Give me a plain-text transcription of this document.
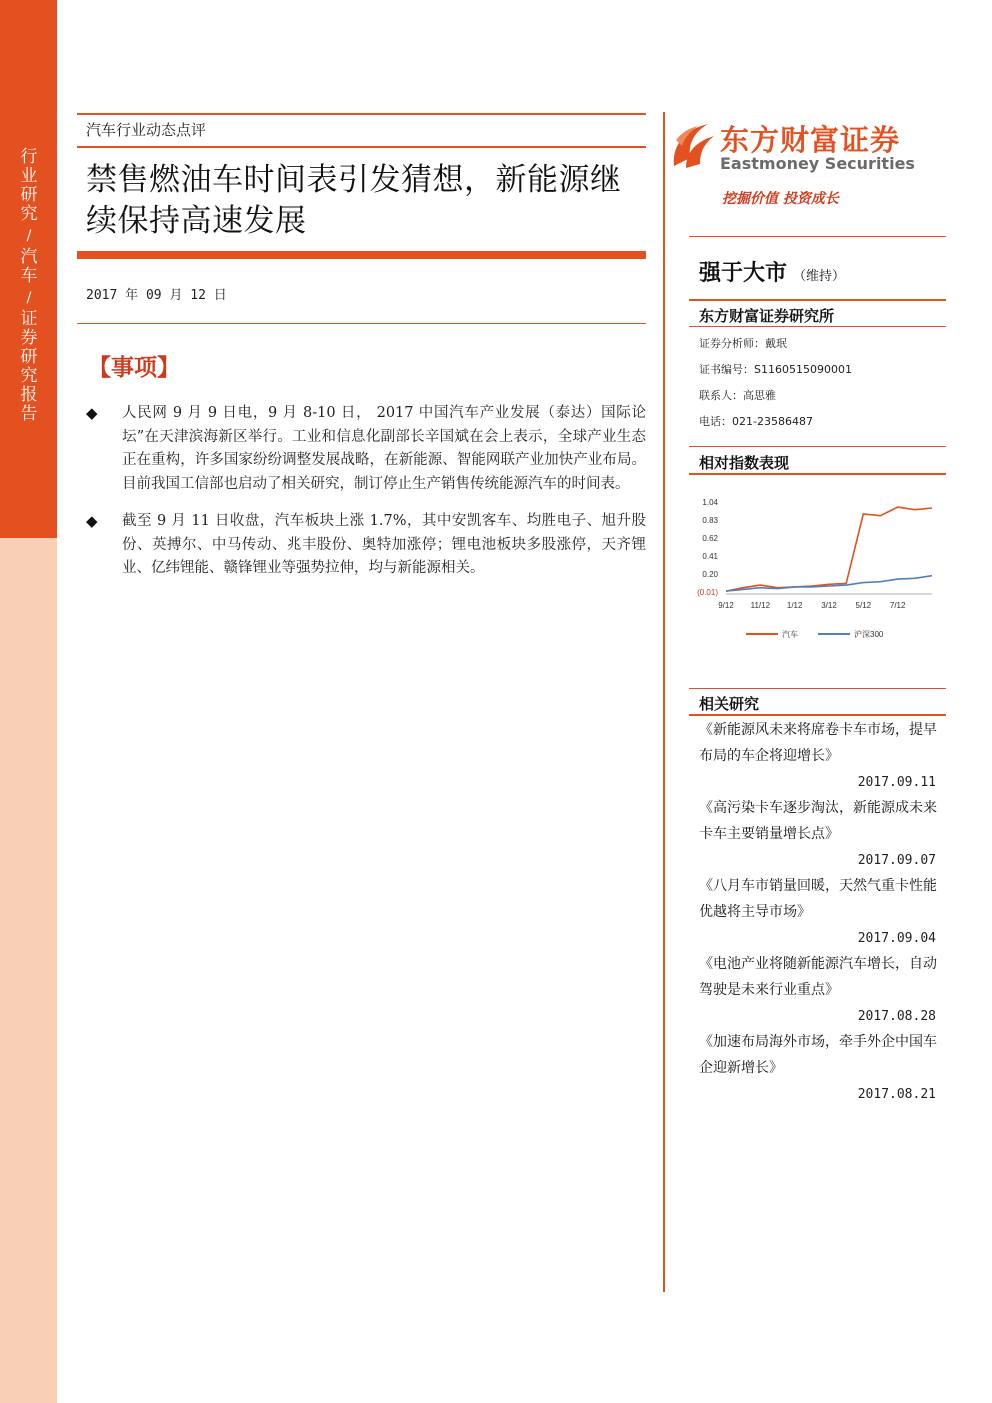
行业研究
/
汽车
/
证券研究报告
汽车行业动态点评
禁售燃油车时间表引发猜想，新能源继续保持高速发展
2017 年 09 月 12 日
【事项】
◆ 人民网 9 月 9 日电，9 月 8-10 日， 2017 中国汽车产业发展（泰达）国际论坛”在天津滨海新区举行。工业和信息化副部长辛国斌在会上表示，全球产业生态正在重构，许多国家纷纷调整发展战略，在新能源、智能网联产业加快产业布局。目前我国工信部也启动了相关研究，制订停止生产销售传统能源汽车的时间表。
◆ 截至 9 月 11 日收盘，汽车板块上涨 1.7%，其中安凯客车、均胜电子、旭升股份、英搏尔、中马传动、兆丰股份、奥特加涨停；锂电池板块多股涨停，天齐锂业、亿纬锂能、赣锋锂业等强势拉伸，均与新能源相关。
东方财富证券
Eastmoney Securities
挖掘价值 投资成长
强于大市 （维持）
东方财富证券研究所
证券分析师：戴珉
证书编号：S1160515090001
联系人：高思雅
电话：021-23586487
相对指数表现
1.04
0.83
0.62
0.41
0.20
(0.01)
9/12 11/12 1/12 3/12 5/12 7/12
汽车	沪深300
相关研究
《新能源风未来将席卷卡车市场，提早布局的车企将迎增长》
2017.09.11
《高污染卡车逐步淘汰，新能源成未来卡车主要销量增长点》
2017.09.07
《八月车市销量回暖，天然气重卡性能优越将主导市场》
2017.09.04
《电池产业将随新能源汽车增长，自动驾驶是未来行业重点》
2017.08.28
《加速布局海外市场，牵手外企中国车企迎新增长》
2017.08.21
